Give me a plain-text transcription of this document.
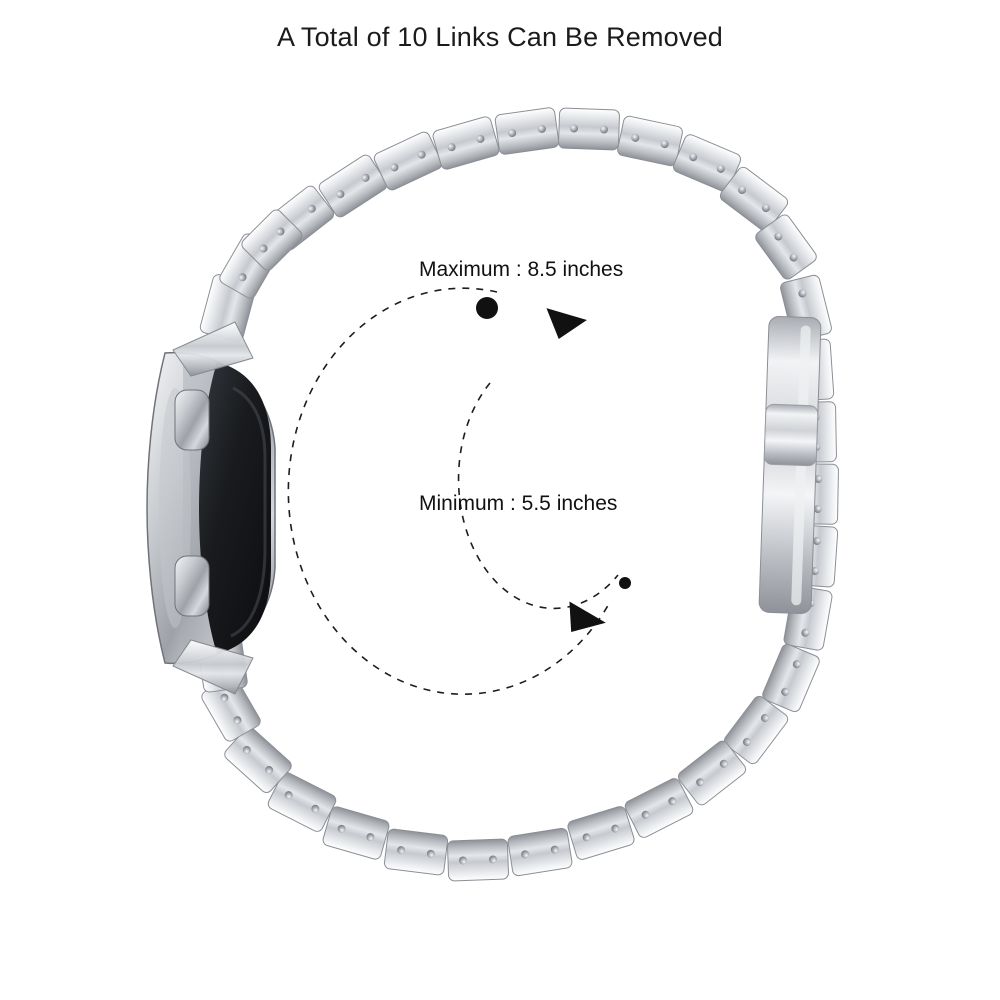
Maximum : 8.5 inches
Minimum : 5.5 inches
A Total of 10 Links Can Be Removed
